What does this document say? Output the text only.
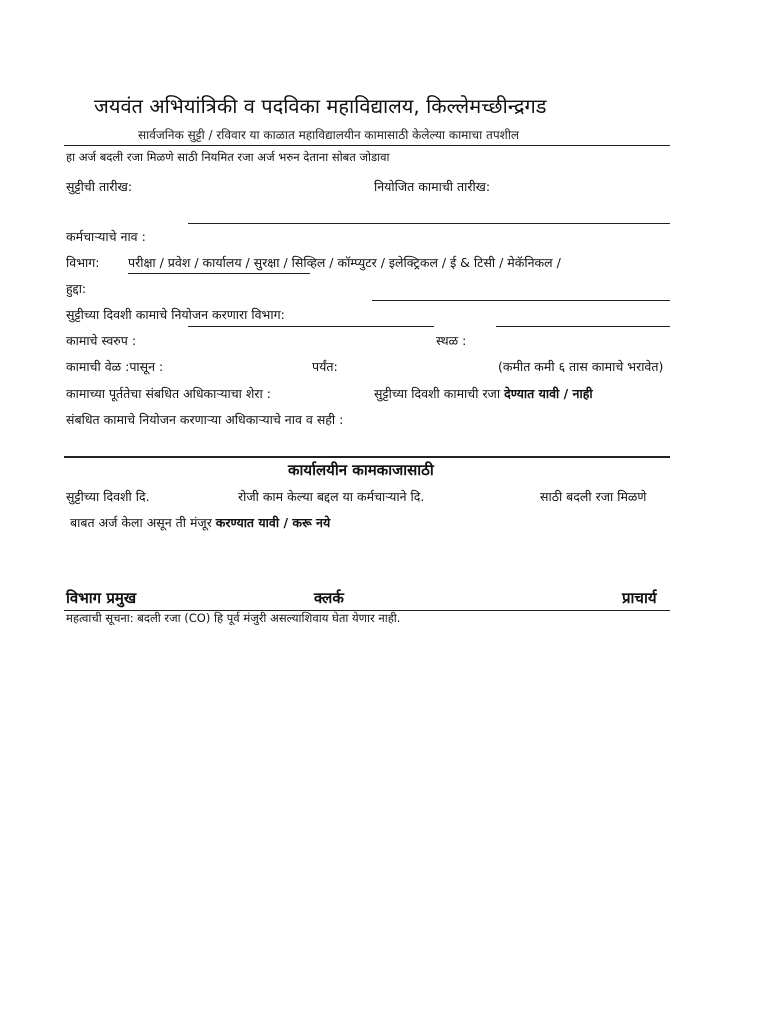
जयवंत अभियांत्रिकी व पदविका महाविद्यालय, किल्लेमच्छीन्द्रगड
सार्वजनिक सुट्टी / रविवार या काळात महाविद्यालयीन कामासाठी केलेल्या कामाचा तपशील
हा अर्ज बदली रजा मिळणे साठी नियमित रजा अर्ज भरुन देताना सोबत जोडावा
सुट्टीची तारीख:	नियोजित कामाची तारीख:
कर्मचाऱ्याचे नाव :
विभाग: परीक्षा / प्रवेश / कार्यालय / सुरक्षा / सिव्हिल / कॉम्प्युटर / इलेक्ट्रिकल / ई & टिसी / मेकॅनिकल /
हुद्दा:
सुट्टीच्या दिवशी कामाचे नियोजन करणारा विभाग:
कामाचे स्वरुप :	स्थळ :
कामाची वेळ :पासून :	पर्यंत:	(कमीत कमी ६ तास कामाचे भरावेत)
कामाच्या पूर्ततेचा संबधित अधिकाऱ्याचा शेरा :	सुट्टीच्या दिवशी कामाची रजा देण्यात यावी / नाही
संबधित कामाचे नियोजन करणाऱ्या अधिकाऱ्याचे नाव व सही :
कार्यालयीन कामकाजासाठी
सुट्टीच्या दिवशी दि.	रोजी काम केल्या बद्दल या कर्मचाऱ्याने दि.	साठी बदली रजा मिळणे
बाबत अर्ज केला असून ती मंजूर करण्यात यावी / करू नये
विभाग प्रमुख	क्लर्क	प्राचार्य
महत्वाची सूचना: बदली रजा (CO) हि पूर्व मंजुरी असल्याशिवाय घेता येणार नाही.
